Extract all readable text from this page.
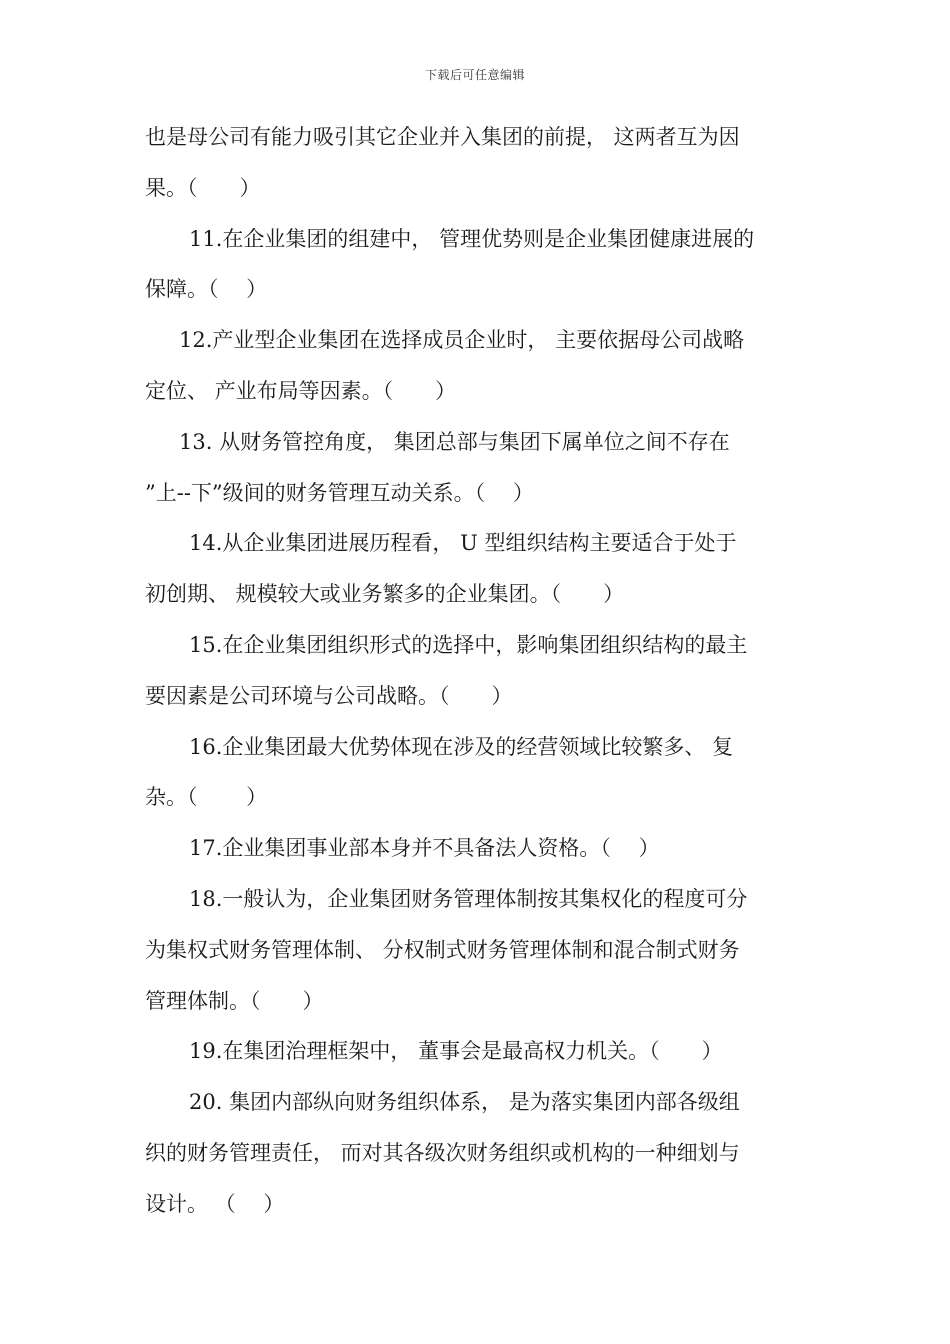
下载后可任意编辑
也是母公司有能力吸引其它企业并入集团的前提， 这两者互为因
果。（　　）
11.在企业集团的组建中， 管理优势则是企业集团健康进展的
保障。（　 ）
12.产业型企业集团在选择成员企业时， 主要依据母公司战略
定位、 产业布局等因素。（　　）
13. 从财务管控角度， 集团总部与集团下属单位之间不存在
”上--下”级间的财务管理互动关系。（　 ）
14.从企业集团进展历程看， U 型组织结构主要适合于处于
初创期、 规模较大或业务繁多的企业集团。（　　）
15.在企业集团组织形式的选择中，影响集团组织结构的最主
要因素是公司环境与公司战略。（　　）
16.企业集团最大优势体现在涉及的经营领域比较繁多、 复
杂。（　　 ）
17.企业集团事业部本身并不具备法人资格。（　 ）
18.一般认为，企业集团财务管理体制按其集权化的程度可分
为集权式财务管理体制、 分权制式财务管理体制和混合制式财务
管理体制。（　　）
19.在集团治理框架中， 董事会是最高权力机关。（　　）
20. 集团内部纵向财务组织体系， 是为落实集团内部各级组
织的财务管理责任， 而对其各级次财务组织或机构的一种细划与
设计。 （　 ）
